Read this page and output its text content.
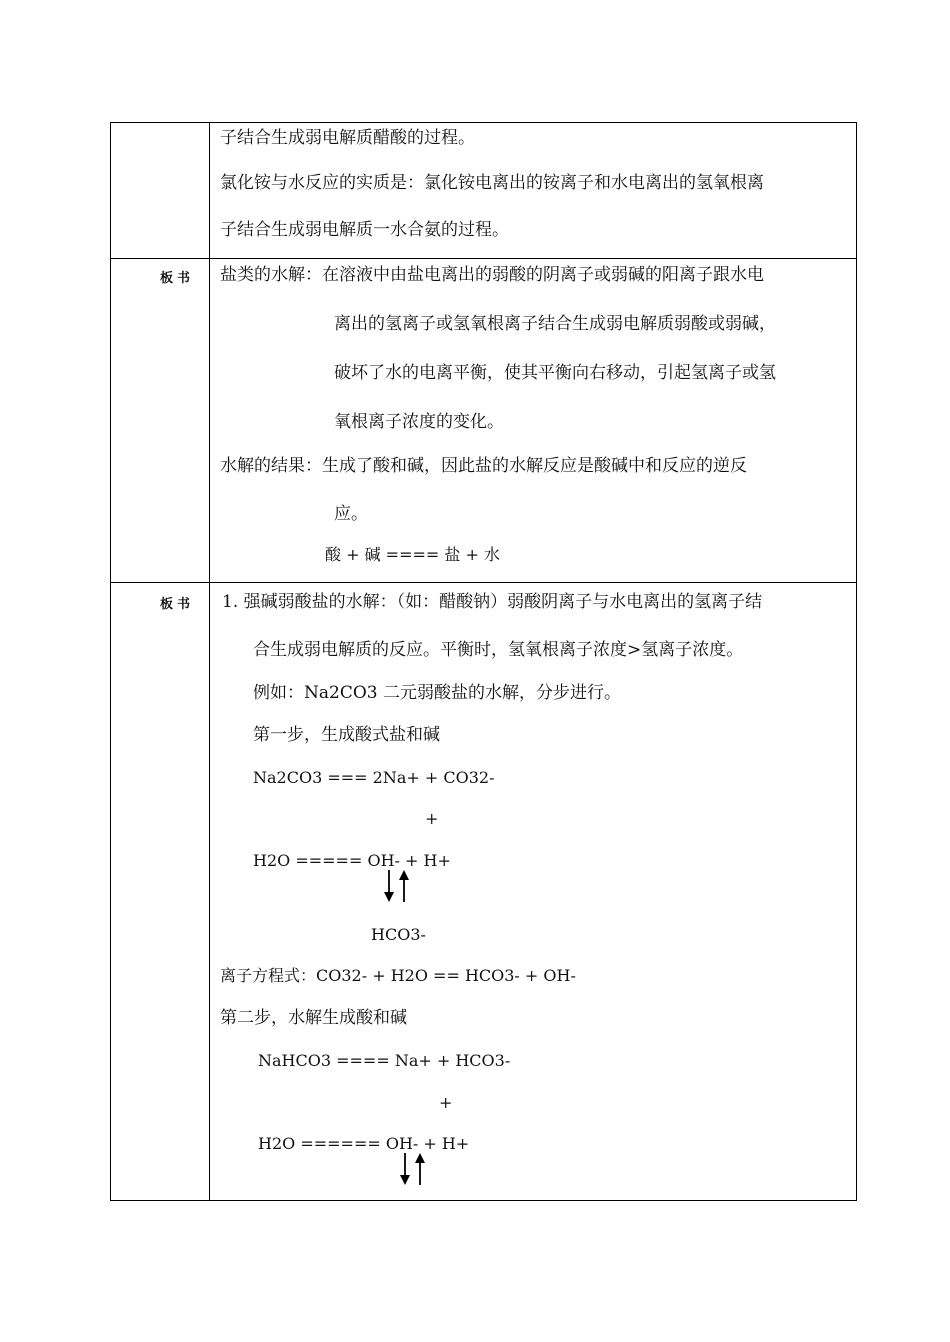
子结合生成弱电解质醋酸的过程。
氯化铵与水反应的实质是：氯化铵电离出的铵离子和水电离出的氢氧根离
子结合生成弱电解质一水合氨的过程。
板书 盐类的水解：在溶液中由盐电离出的弱酸的阴离子或弱碱的阳离子跟水电
离出的氢离子或氢氧根离子结合生成弱电解质弱酸或弱碱，
破坏了水的电离平衡，使其平衡向右移动，引起氢离子或氢
氧根离子浓度的变化。
水解的结果：生成了酸和碱，因此盐的水解反应是酸碱中和反应的逆反
应。
酸 + 碱 ==== 盐 + 水
板书 1. 强碱弱酸盐的水解：（如：醋酸钠）弱酸阴离子与水电离出的氢离子结
合生成弱电解质的反应。平衡时，氢氧根离子浓度>氢离子浓度。
例如：Na2CO3 二元弱酸盐的水解，分步进行。
第一步，生成酸式盐和碱
Na2CO3 === 2Na+ + CO32-
+
H2O ===== OH- + H+
HCO3-
离子方程式：CO32- + H2O == HCO3- + OH-
第二步，水解生成酸和碱
NaHCO3 ==== Na+ + HCO3-
+
H2O ====== OH- + H+
